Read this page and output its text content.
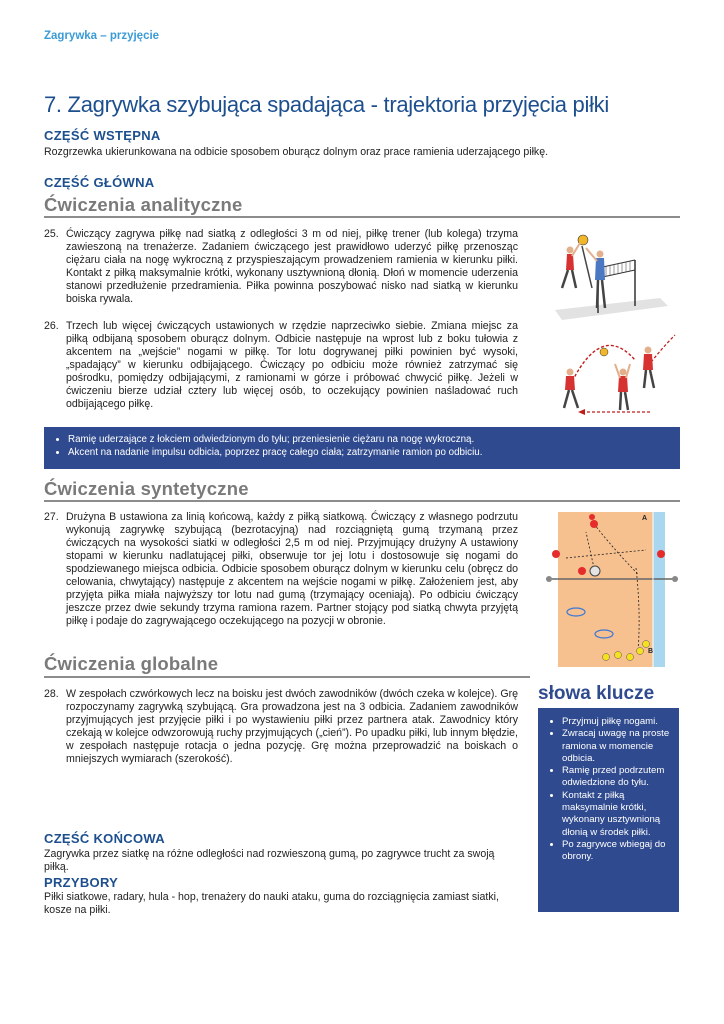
Zagrywka – przyjęcie
7. Zagrywka szybująca spadająca - trajektoria przyjęcia piłki
CZĘŚĆ WSTĘPNA
Rozgrzewka ukierunkowana na odbicie sposobem oburącz dolnym oraz prace ramienia uderzającego piłkę.
CZĘŚĆ GŁÓWNA
Ćwiczenia analityczne
25. Ćwiczący zagrywa piłkę nad siatką z odległości 3 m od niej, piłkę trener (lub kolega) trzyma zawieszoną na trenażerze. Zadaniem ćwiczącego jest prawidłowo uderzyć piłkę przenosząc ciężaru ciała na nogę wykroczną z przyspieszającym prowadzeniem ramienia w kierunku piłki. Kontakt z piłką maksymalnie krótki, wykonany usztywnioną dłonią. Dłoń w momencie uderzenia stanowi przedłużenie przedramienia. Piłka powinna poszybować nisko nad siatką w kierunku boiska rywala.
26. Trzech lub więcej ćwiczących ustawionych w rzędzie naprzeciwko siebie. Zmiana miejsc za piłką odbijaną sposobem oburącz dolnym. Odbicie następuje na wprost lub z boku tułowia z akcentem na „wejście” nogami w piłkę. Tor lotu dogrywanej piłki powinien być wysoki, „spadający” w kierunku odbijającego. Ćwiczący po odbiciu może również zatrzymać się pośrodku, pomiędzy odbijającymi, z ramionami w górze i próbować chwycić piłkę. Jeżeli w ćwiczeniu bierze udział cztery lub więcej osób, to oczekujący powinien naśladować ruch odbijającego piłkę.
• Ramię uderzające z łokciem odwiedzionym do tyłu; przeniesienie ciężaru na nogę wykroczną.
• Akcent na nadanie impulsu odbicia, poprzez pracę całego ciała; zatrzymanie ramion po odbiciu.
Ćwiczenia syntetyczne
27. Drużyna B ustawiona za linią końcową, każdy z piłką siatkową. Ćwiczący z własnego podrzutu wykonują zagrywkę szybującą (bezrotacyjną) nad rozciągniętą gumą trzymaną przez ćwiczących na wysokości siatki w odległości 2,5 m od niej. Przyjmujący drużyny A ustawiony stopami w kierunku nadlatującej piłki, obserwuje tor jej lotu i dostosowuje się nogami do spodziewanego miejsca odbicia. Odbicie sposobem oburącz dolnym w kierunku celu (obręcz do celowania, chwytający) następuje z akcentem na wejście nogami w piłkę. Założeniem jest, aby przyjęta piłka miała najwyższy tor lotu nad gumą (trzymający oceniają). Po odbiciu ćwiczący jeszcze przez dwie sekundy trzyma ramiona razem. Partner stojący pod siatką chwyta przyjętą piłkę i podaje do zagrywającego oczekującego na pozycji w obronie.
A
B
Ćwiczenia globalne
28. W zespołach czwórkowych lecz na boisku jest dwóch zawodników (dwóch czeka w kolejce). Grę rozpoczynamy zagrywką szybującą. Gra prowadzona jest na 3 odbicia. Zadaniem zawodników przyjmujących jest przyjęcie piłki i po wystawieniu piłki przez partnera atak. Zawodnicy który czekają w kolejce odwzorowują ruchy przyjmujących („cień”). Po upadku piłki, lub innym błędzie, w zespołach następuje rotacja o jedna pozycję. Grę można przeprowadzić na boiskach o mniejszych wymiarach (szerokość).
słowa klucze
• Przyjmuj piłkę nogami.
• Zwracaj uwagę na proste ramiona w momencie odbicia.
• Ramię przed podrzutem odwiedzione do tyłu.
• Kontakt z piłką maksymalnie krótki, wykonany usztywnioną dłonią w środek piłki.
• Po zagrywce wbiegaj do obrony.
CZĘŚĆ KOŃCOWA
Zagrywka przez siatkę na różne odległości nad rozwieszoną gumą, po zagrywce trucht za swoją piłką.
PRZYBORY
Piłki siatkowe, radary, hula - hop, trenażery do nauki ataku, guma do rozciągnięcia zamiast siatki, kosze na piłki.
